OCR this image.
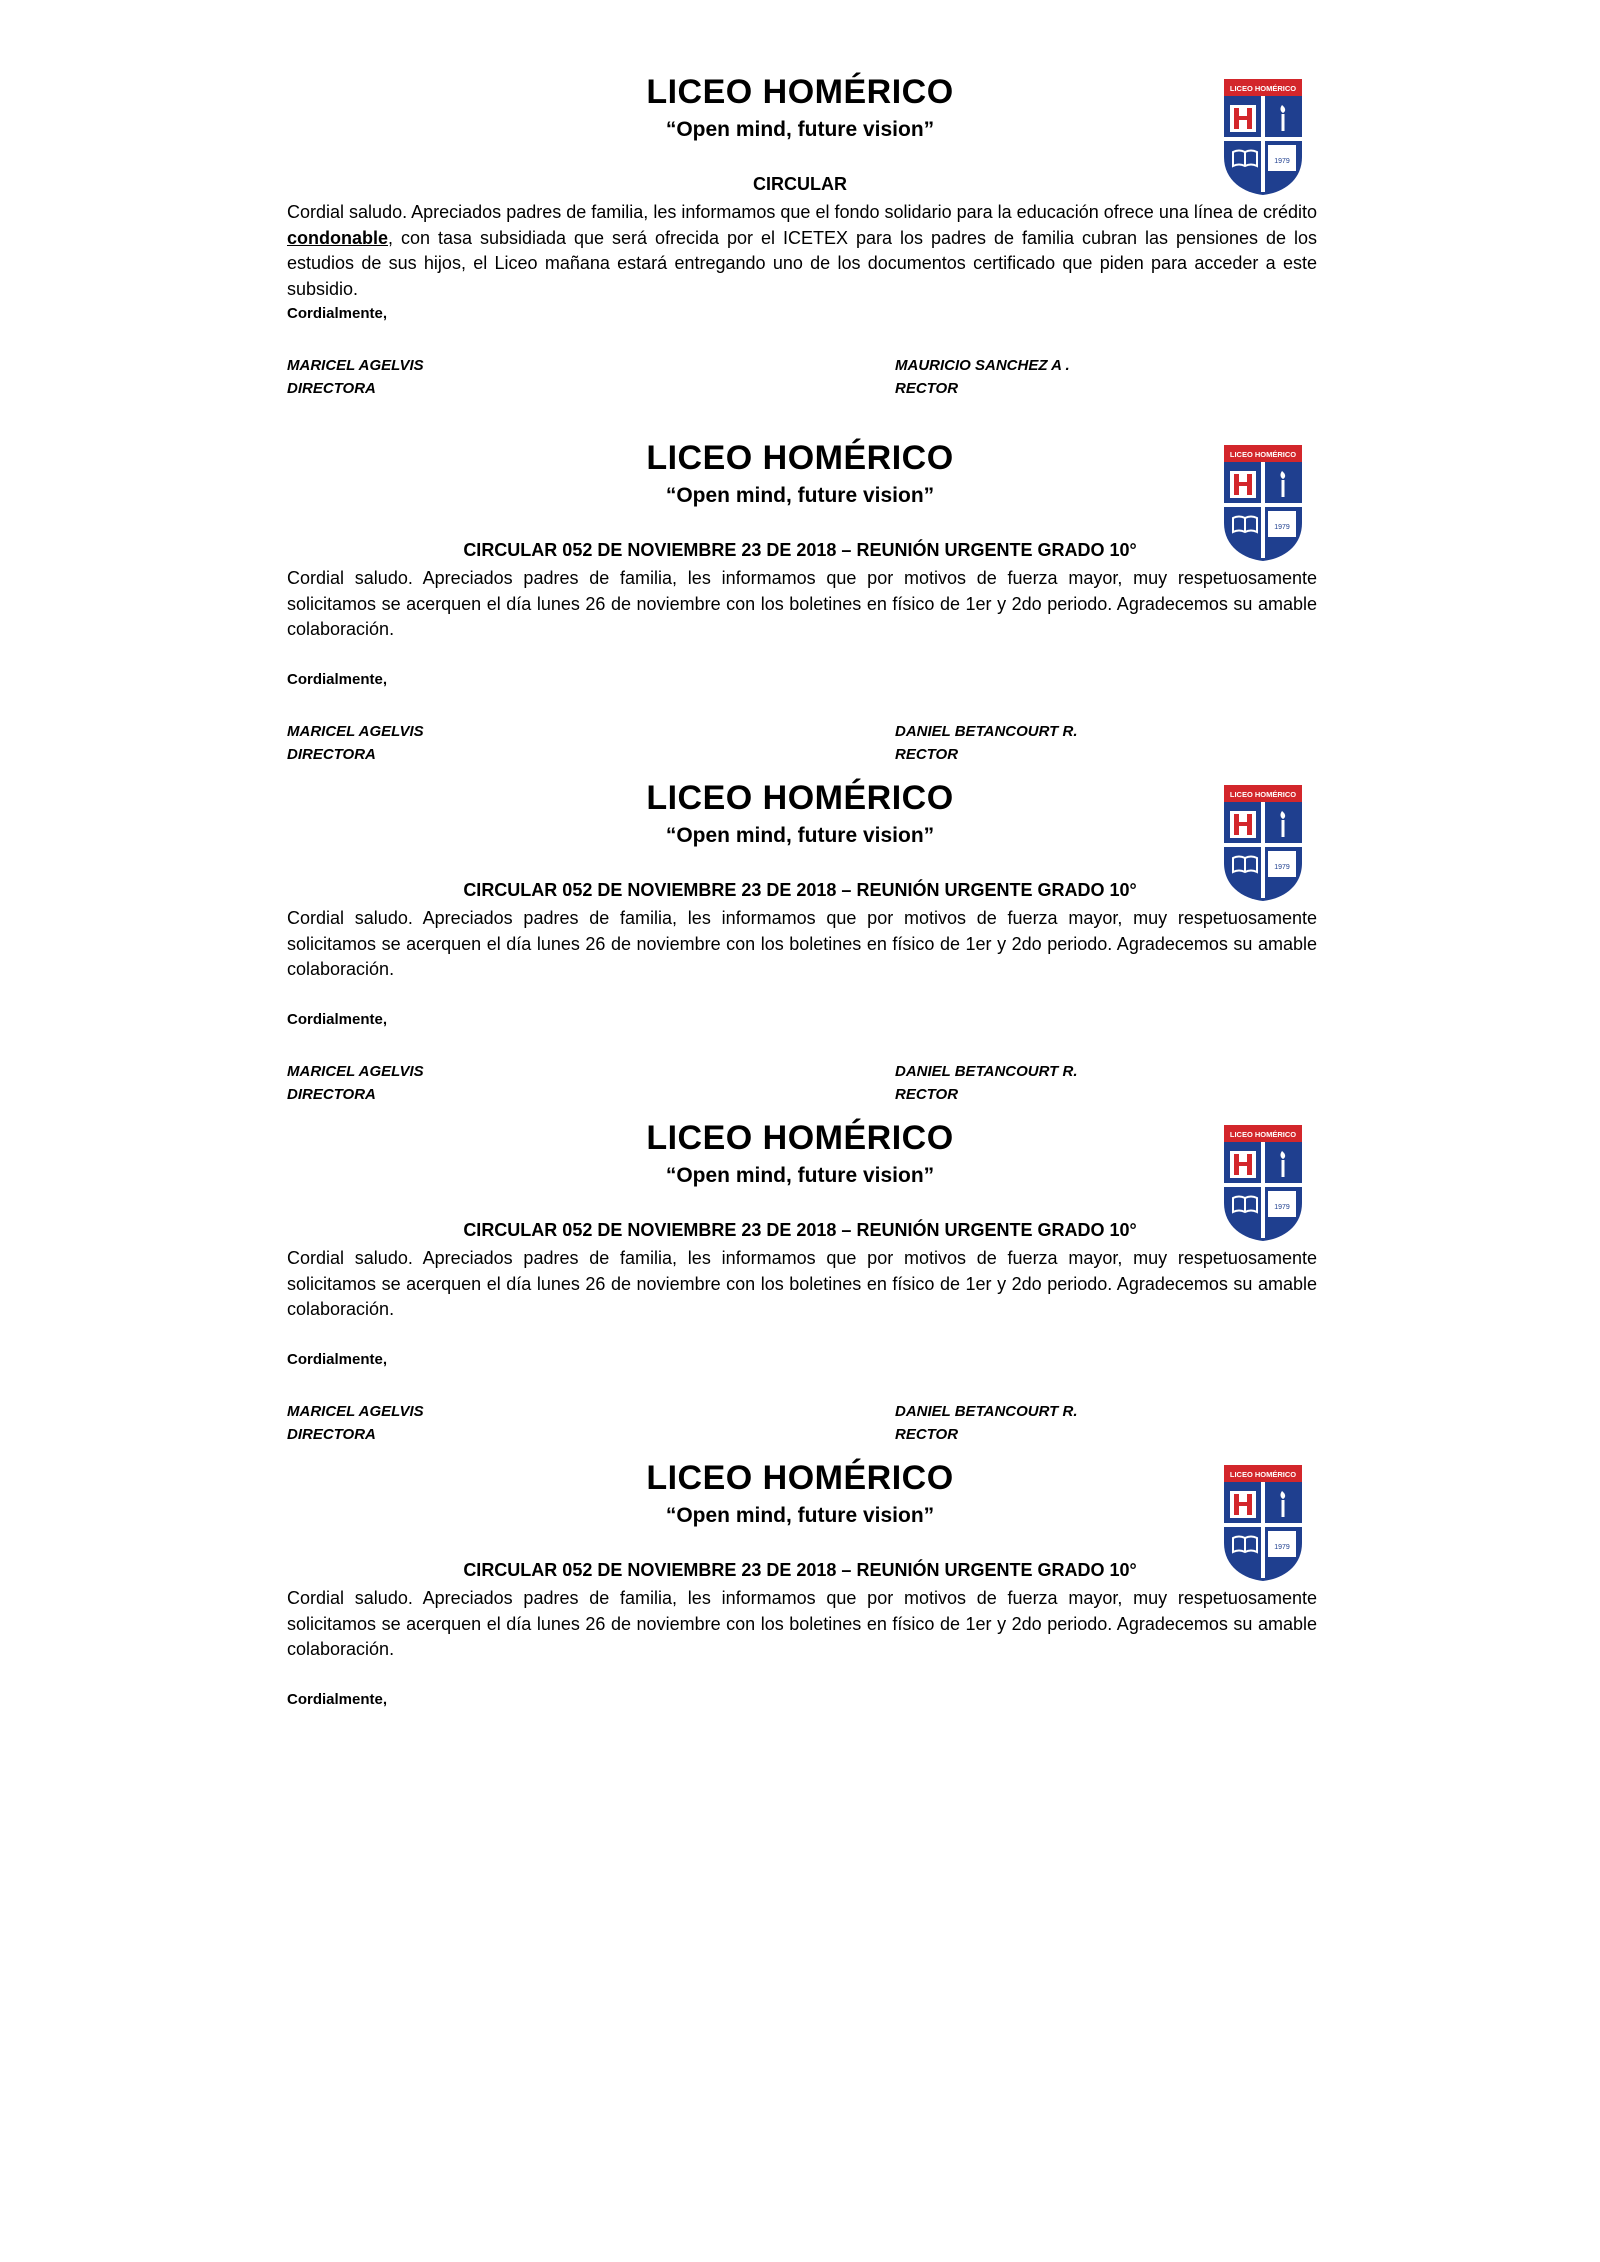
LICEO HOMÉRICO
“Open mind, future vision”
CIRCULAR

Cordial saludo. Apreciados padres de familia, les informamos que el fondo solidario para la educación ofrece una línea de crédito condonable, con tasa subsidiada que será ofrecida por el ICETEX para los padres de familia cubran las pensiones de los estudios de sus hijos, el Liceo mañana estará entregando uno de los documentos certificado que piden para acceder a este subsidio.

Cordialmente,
MARICEL AGELVIS
DIRECTORA
MAURICIO SANCHEZ A .
RECTOR
LICEO HOMÉRICO
“Open mind, future vision”
CIRCULAR 052 DE NOVIEMBRE 23 DE 2018 – REUNIÓN URGENTE GRADO 10°

Cordial saludo. Apreciados padres de familia, les informamos que por motivos de fuerza mayor, muy respetuosamente solicitamos se acerquen el día lunes 26 de noviembre con los boletines en físico de 1er y 2do periodo. Agradecemos su amable colaboración.

Cordialmente,
MARICEL AGELVIS
DIRECTORA
DANIEL BETANCOURT R.
RECTOR
LICEO HOMÉRICO
“Open mind, future vision”
CIRCULAR 052 DE NOVIEMBRE 23 DE 2018 – REUNIÓN URGENTE GRADO 10°

Cordial saludo. Apreciados padres de familia, les informamos que por motivos de fuerza mayor, muy respetuosamente solicitamos se acerquen el día lunes 26 de noviembre con los boletines en físico de 1er y 2do periodo. Agradecemos su amable colaboración.

Cordialmente,
MARICEL AGELVIS
DIRECTORA
DANIEL BETANCOURT R.
RECTOR
LICEO HOMÉRICO
“Open mind, future vision”
CIRCULAR 052 DE NOVIEMBRE 23 DE 2018 – REUNIÓN URGENTE GRADO 10°

Cordial saludo. Apreciados padres de familia, les informamos que por motivos de fuerza mayor, muy respetuosamente solicitamos se acerquen el día lunes 26 de noviembre con los boletines en físico de 1er y 2do periodo. Agradecemos su amable colaboración.

Cordialmente,
MARICEL AGELVIS
DIRECTORA
DANIEL BETANCOURT R.
RECTOR
LICEO HOMÉRICO
“Open mind, future vision”
CIRCULAR 052 DE NOVIEMBRE 23 DE 2018 – REUNIÓN URGENTE GRADO 10°

Cordial saludo. Apreciados padres de familia, les informamos que por motivos de fuerza mayor, muy respetuosamente solicitamos se acerquen el día lunes 26 de noviembre con los boletines en físico de 1er y 2do periodo. Agradecemos su amable colaboración.

Cordialmente,
